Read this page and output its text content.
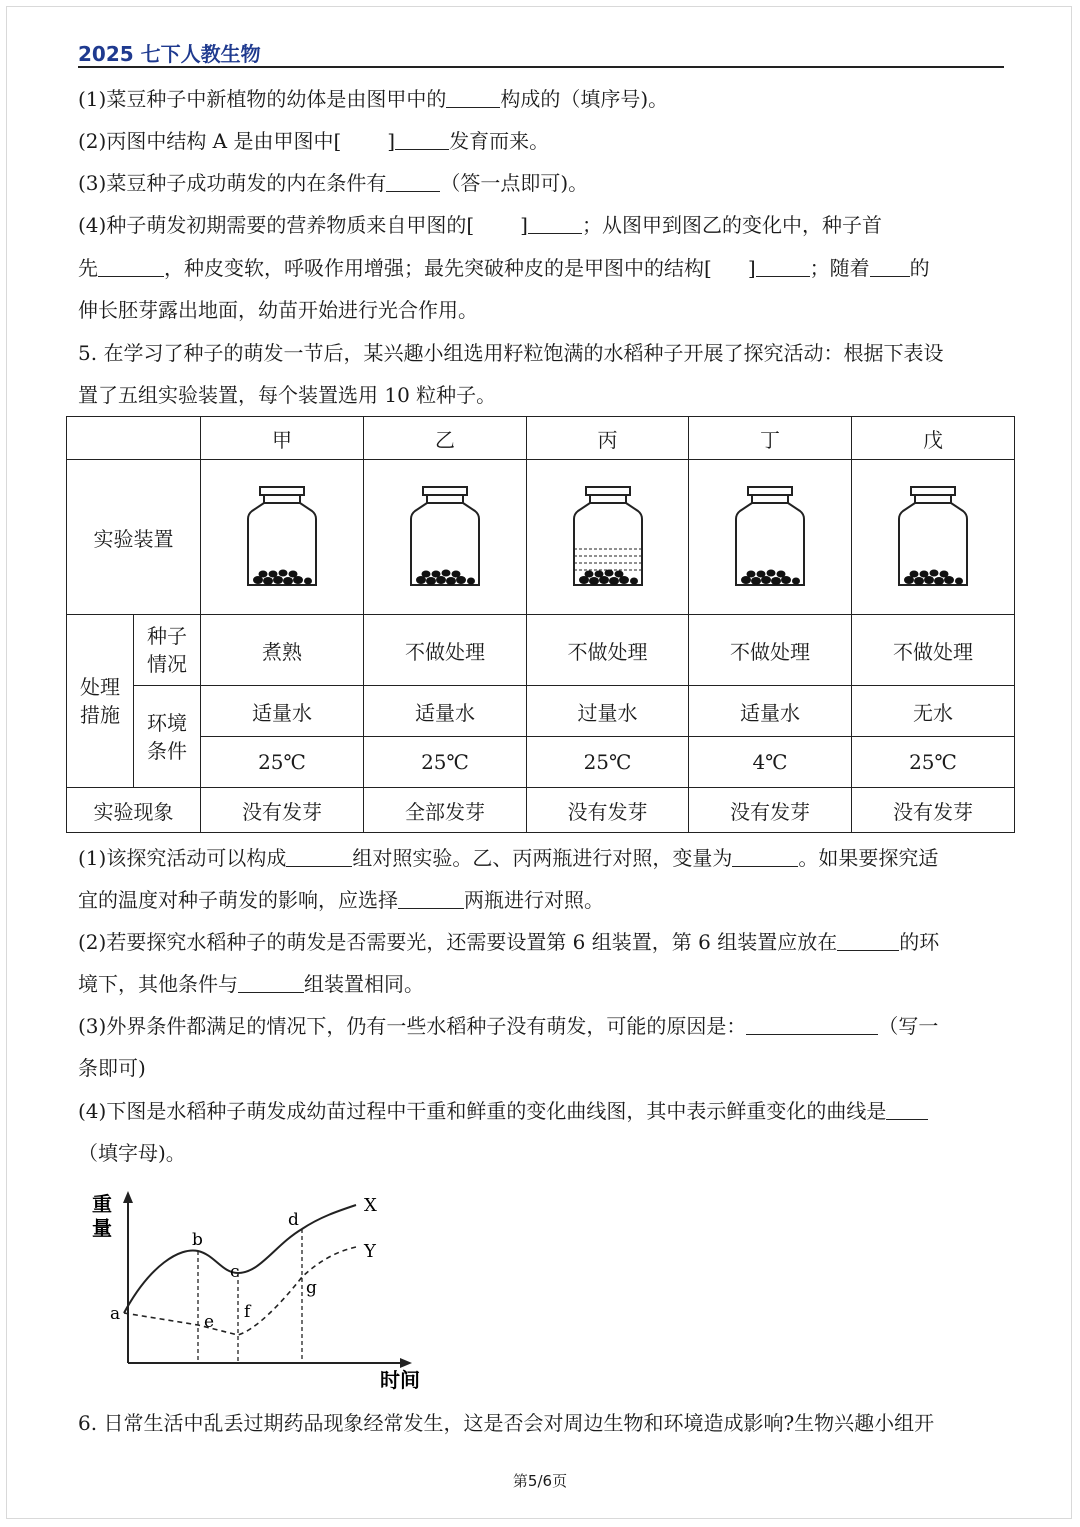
2025 七下人教生物
(1)菜豆种子中新植物的幼体是由图甲中的	构成的（填序号)。
(2)丙图中结构 A 是由甲图中[ ]	发育而来。
(3)菜豆种子成功萌发的内在条件有	（答一点即可)。
(4)种子萌发初期需要的营养物质来自甲图的[ ]	；从图甲到图乙的变化中，种子首
先	，种皮变软，呼吸作用增强；最先突破种皮的是甲图中的结构[ ]	；随着 的
伸长胚芽露出地面，幼苗开始进行光合作用。
5. 在学习了种子的萌发一节后，某兴趣小组选用籽粒饱满的水稻种子开展了探究活动：根据下表设
置了五组实验装置，每个装置选用 10 粒种子。
		甲	乙	丙	丁	戊
实验装置	

处理措施	种子情况	煮熟	不做处理	不做处理	不做处理	不做处理

	环境条件	适量水	适量水	过量水	适量水	无水
		25℃	25℃	25℃	4℃	25℃
实验现象		没有发芽	全部发芽	没有发芽	没有发芽	没有发芽
(1)该探究活动可以构成	组对照实验。乙、丙两瓶进行对照，变量为	。如果要探究适
宜的温度对种子萌发的影响，应选择	两瓶进行对照。
(2)若要探究水稻种子的萌发是否需要光，还需要设置第 6 组装置，第 6 组装置应放在	的环
境下，其他条件与	组装置相同。
(3)外界条件都满足的情况下，仍有一些水稻种子没有萌发，可能的原因是：	（写一
条即可)
(4)下图是水稻种子萌发成幼苗过程中干重和鲜重的变化曲线图，其中表示鲜重变化的曲线是
（填字母)。
重
量
时间
a
b
c
d
e f
g
X
Y
6. 日常生活中乱丢过期药品现象经常发生，这是否会对周边生物和环境造成影响?生物兴趣小组开
第5/6页
